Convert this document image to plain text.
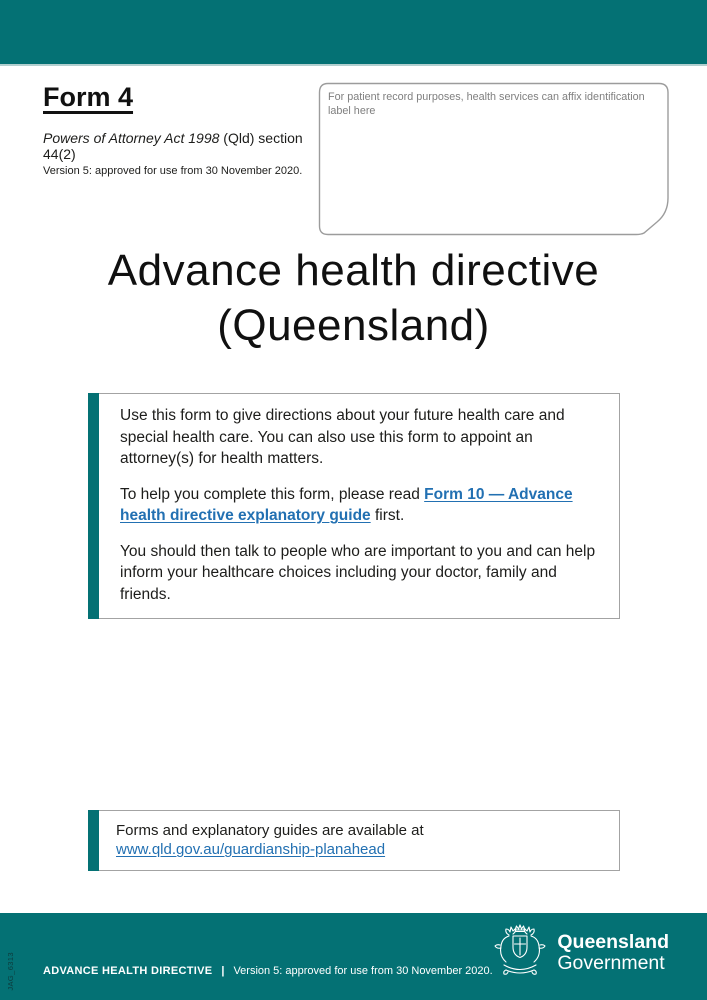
Form 4
Powers of Attorney Act 1998 (Qld) section 44(2)
Version 5: approved for use from 30 November 2020.
For patient record purposes, health services can affix identification label here
Advance health directive
(Queensland)

Use this form to give directions about your future health care and special health care. You can also use this form to appoint an attorney(s) for health matters.

To help you complete this form, please read Form 10 — Advance health directive explanatory guide first.

You should then talk to people who are important to you and can help inform your healthcare choices including your doctor, family and friends.

Forms and explanatory guides are available at www.qld.gov.au/guardianship-planahead
JAG_6313	ADVANCE HEALTH DIRECTIVE | Version 5: approved for use from 30 November 2020.
Queensland
Government
